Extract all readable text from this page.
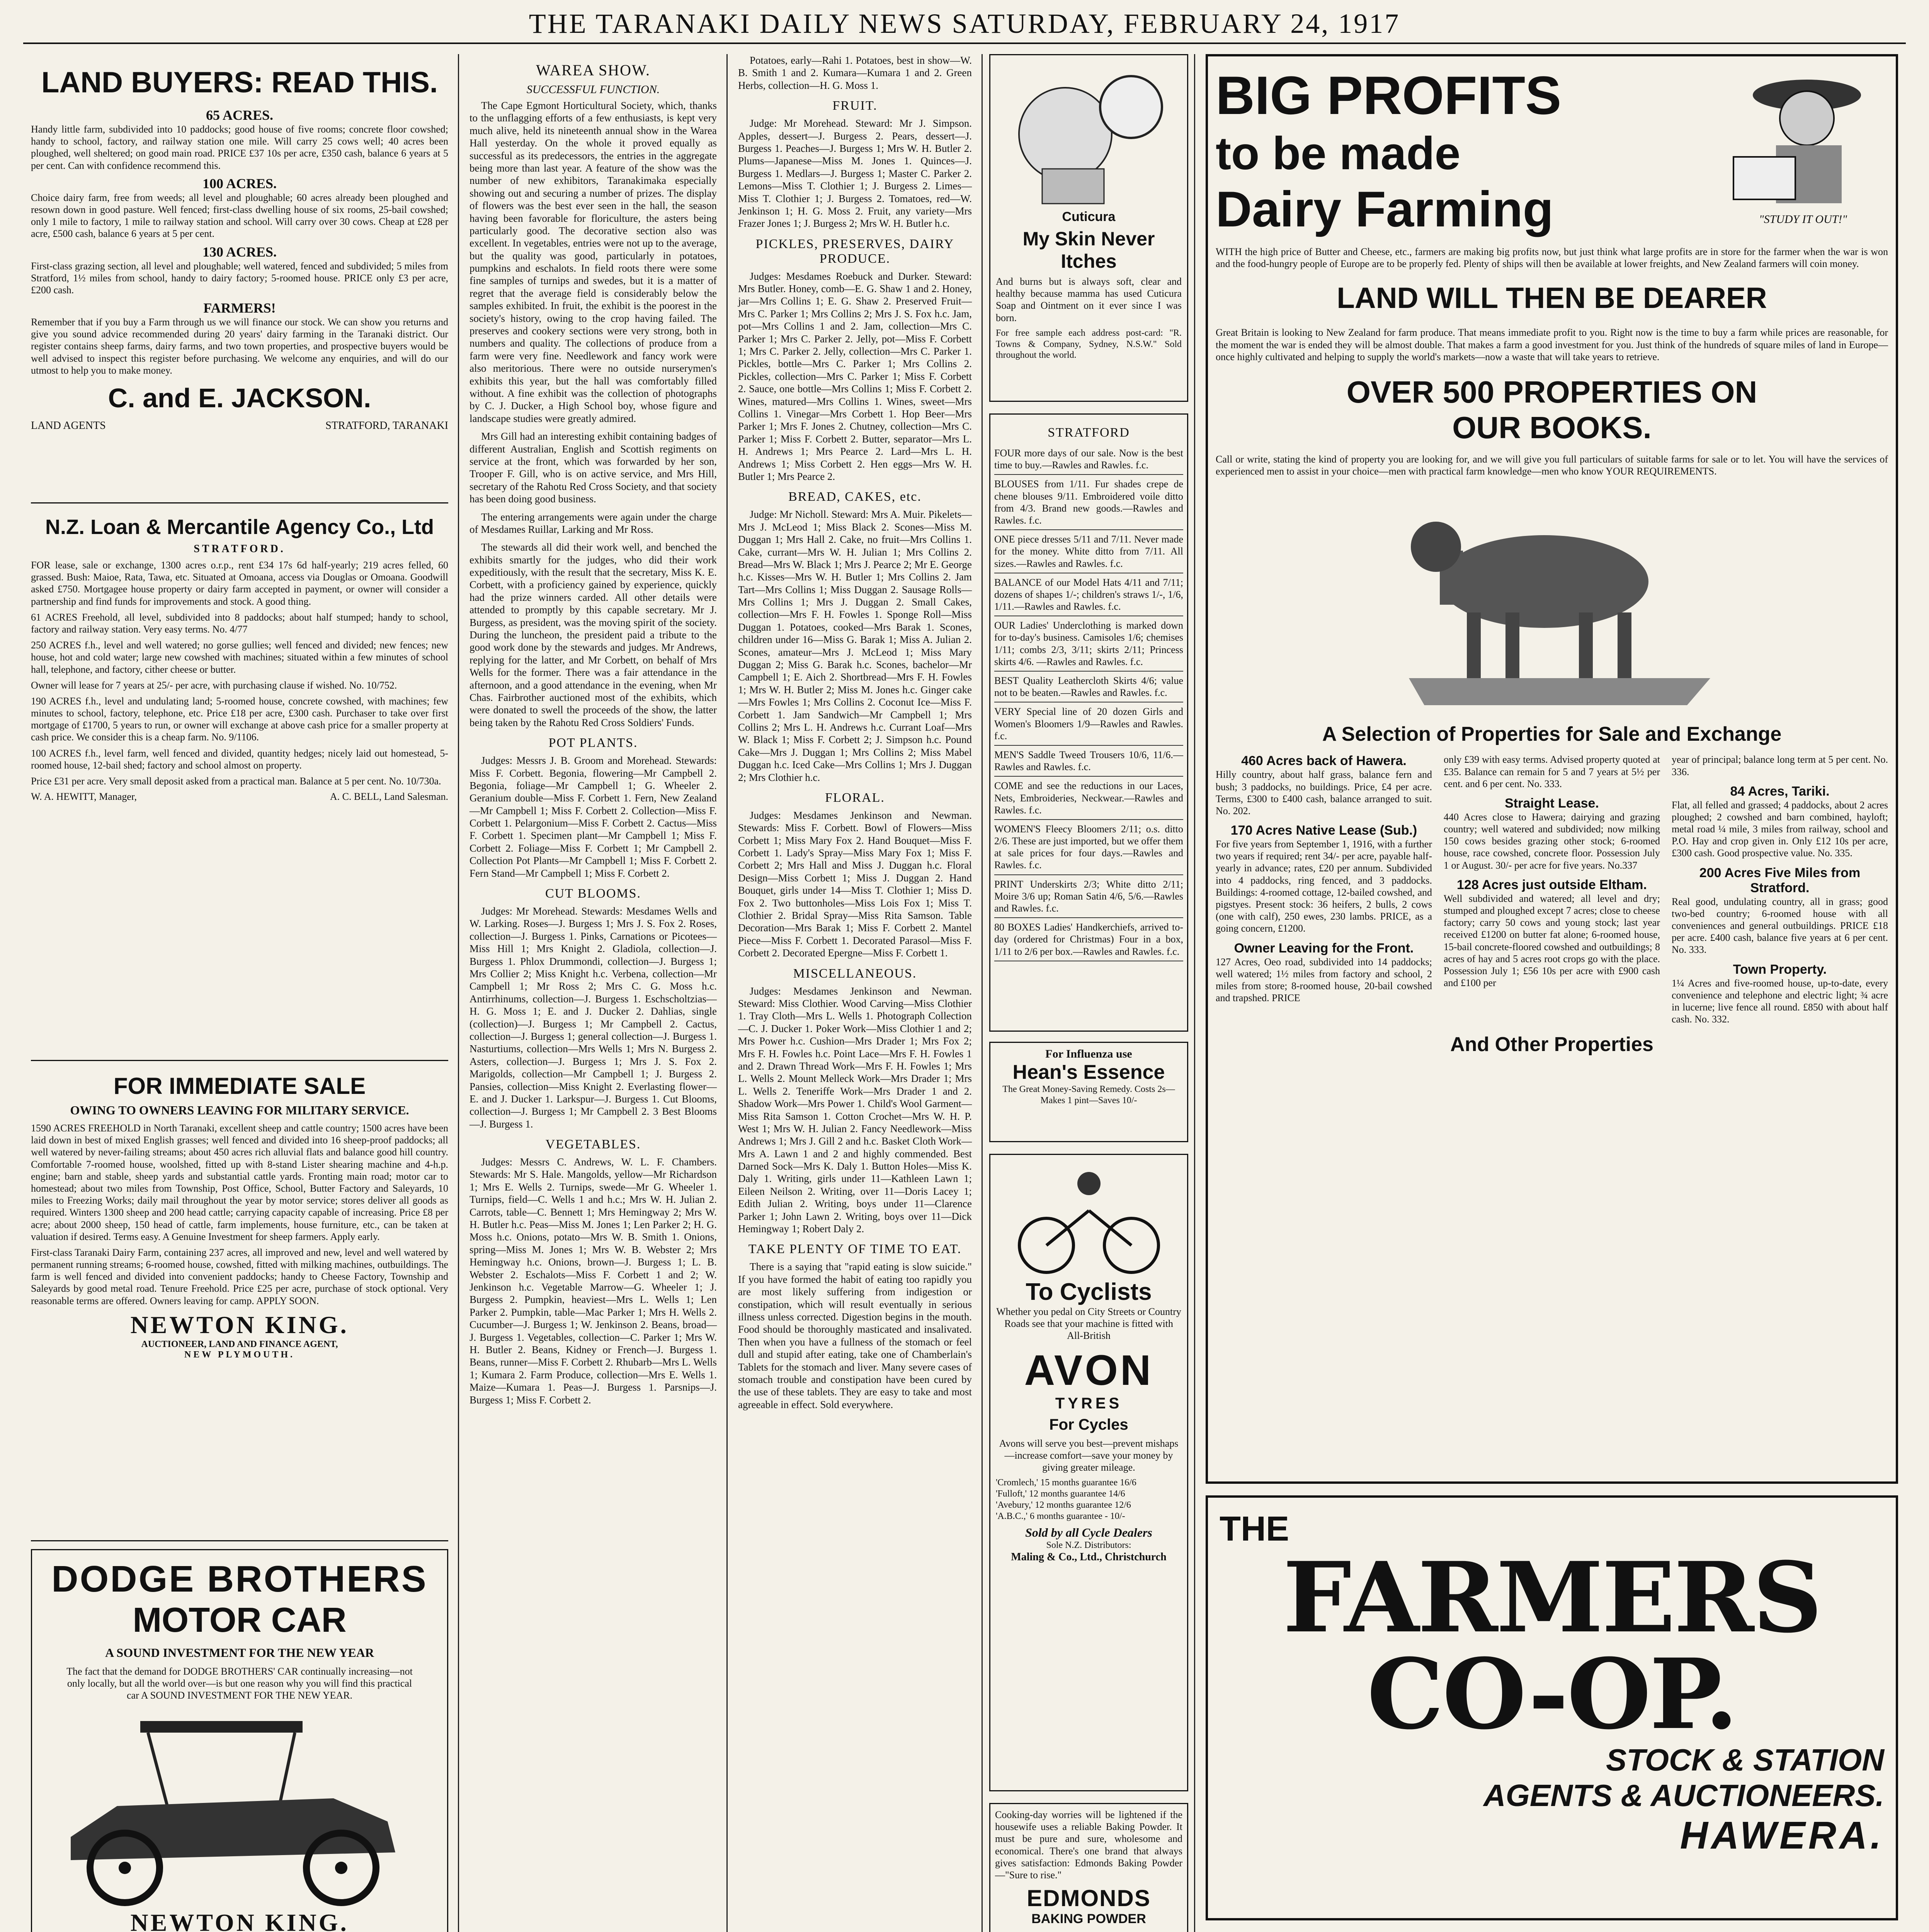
THE TARANAKI DAILY NEWS SATURDAY, FEBRUARY 24, 1917
LAND BUYERS: READ THIS.
65 ACRES.

Handy little farm, subdivided into 10 paddocks; good house of five rooms; concrete floor cowshed; handy to school, factory, and railway station one mile. Will carry 25 cows well; 40 acres been ploughed, well sheltered; on good main road. PRICE £37 10s per acre, £350 cash, balance 6 years at 5 per cent. Can with confidence recommend this.

100 ACRES.

Choice dairy farm, free from weeds; all level and ploughable; 60 acres already been ploughed and resown down in good pasture. Well fenced; first-class dwelling house of six rooms, 25-bail cowshed; only 1 mile to factory, 1 mile to railway station and school. Will carry over 30 cows. Cheap at £28 per acre, £500 cash, balance 6 years at 5 per cent.

130 ACRES.

First-class grazing section, all level and ploughable; well watered, fenced and subdivided; 5 miles from Stratford, 1½ miles from school, handy to dairy factory; 5-roomed house. PRICE only £3 per acre, £200 cash.

FARMERS!

Remember that if you buy a Farm through us we will finance our stock. We can show you returns and give you sound advice recommended during 20 years' dairy farming in the Taranaki district. Our register contains sheep farms, dairy farms, and two town properties, and prospective buyers would be well advised to inspect this register before purchasing. We welcome any enquiries, and will do our utmost to help you to make money.

C. and E. JACKSON.
LAND AGENTS	STRATFORD, TARANAKI
N.Z. Loan & Mercantile Agency Co., Ltd
STRATFORD.

FOR lease, sale or exchange, 1300 acres o.r.p., rent £34 17s 6d half-yearly; 219 acres felled, 60 grassed. Bush: Maioe, Rata, Tawa, etc. Situated at Omoana, access via Douglas or Omoana. Goodwill asked £750. Mortgagee house property or dairy farm accepted in payment, or owner will consider a partnership and find funds for improvements and stock. A good thing.

61 ACRES Freehold, all level, subdivided into 8 paddocks; about half stumped; handy to school, factory and railway station. Very easy terms. No. 4/77

250 ACRES f.h., level and well watered; no gorse gullies; well fenced and divided; new fences; new house, hot and cold water; large new cowshed with machines; situated within a few minutes of school hall, telephone, and factory, cither cheese or butter.

Owner will lease for 7 years at 25/- per acre, with purchasing clause if wished. No. 10/752.

190 ACRES f.h., level and undulating land; 5-roomed house, concrete cowshed, with machines; few minutes to school, factory, telephone, etc. Price £18 per acre, £300 cash. Purchaser to take over first mortgage of £1700, 5 years to run, or owner will exchange at above cash price for a smaller property at cash price. We consider this is a cheap farm. No. 9/1106.

100 ACRES f.h., level farm, well fenced and divided, quantity hedges; nicely laid out homestead, 5-roomed house, 12-bail shed; factory and school almost on property.

Price £31 per acre. Very small deposit asked from a practical man. Balance at 5 per cent. No. 10/730a.

W. A. HEWITT, Manager,	A. C. BELL, Land Salesman.
FOR IMMEDIATE SALE
OWING TO OWNERS LEAVING FOR MILITARY SERVICE.

1590 ACRES FREEHOLD in North Taranaki, excellent sheep and cattle country; 1500 acres have been laid down in best of mixed English grasses; well fenced and divided into 16 sheep-proof paddocks; all well watered by never-failing streams; about 450 acres rich alluvial flats and balance good hill country. Comfortable 7-roomed house, woolshed, fitted up with 8-stand Lister shearing machine and 4-h.p. engine; barn and stable, sheep yards and substantial cattle yards. Fronting main road; motor car to homestead; about two miles from Township, Post Office, School, Butter Factory and Saleyards, 10 miles to Freezing Works; daily mail throughout the year by motor service; stores deliver all goods as required. Winters 1300 sheep and 200 head cattle; carrying capacity capable of increasing. Price £8 per acre; about 2000 sheep, 150 head of cattle, farm implements, house furniture, etc., can be taken at valuation if desired. Terms easy. A Genuine Investment for sheep farmers. Apply early.

First-class Taranaki Dairy Farm, containing 237 acres, all improved and new, level and well watered by permanent running streams; 6-roomed house, cowshed, fitted with milking machines, outbuildings. The farm is well fenced and divided into convenient paddocks; handy to Cheese Factory, Township and Saleyards by good metal road. Tenure Freehold. Price £25 per acre, purchase of stock optional. Very reasonable terms are offered. Owners leaving for camp. APPLY SOON.

NEWTON KING.
AUCTIONEER, LAND AND FINANCE AGENT,
NEW PLYMOUTH.
DODGE BROTHERS
MOTOR CAR
A SOUND INVESTMENT FOR THE NEW YEAR

The fact that the demand for DODGE BROTHERS' CAR continually increasing—not only locally, but all the world over—is but one reason why you will find this practical car A SOUND INVESTMENT FOR THE NEW YEAR.

NEWTON KING.

WAREA SHOW.
SUCCESSFUL FUNCTION.

The Cape Egmont Horticultural Society, which, thanks to the unflagging efforts of a few enthusiasts, is kept very much alive, held its nineteenth annual show in the Warea Hall yesterday. On the whole it proved equally as successful as its predecessors, the entries in the aggregate being more than last year. A feature of the show was the number of new exhibitors, Taranakimaka especially showing out and securing a number of prizes. The display of flowers was the best ever seen in the hall, the season having been favorable for floriculture, the asters being particularly good. The decorative section also was excellent. In vegetables, entries were not up to the average, but the quality was good, particularly in potatoes, pumpkins and eschalots. In field roots there were some fine samples of turnips and swedes, but it is a matter of regret that the average field is considerably below the samples exhibited. In fruit, the exhibit is the poorest in the society's history, owing to the crop having failed. The preserves and cookery sections were very strong, both in numbers and quality. The collections of produce from a farm were very fine. Needlework and fancy work were also meritorious. There were no outside nurserymen's exhibits this year, but the hall was comfortably filled without. A fine exhibit was the collection of photographs by C. J. Ducker, a High School boy, whose figure and landscape studies were greatly admired.

Mrs Gill had an interesting exhibit containing badges of different Australian, English and Scottish regiments on service at the front, which was forwarded by her son, Trooper F. Gill, who is on active service, and Mrs Hill, secretary of the Rahotu Red Cross Society, and that society has been doing good business.

The entering arrangements were again under the charge of Mesdames Ruillar, Larking and Mr Ross.

The stewards all did their work well, and benched the exhibits smartly for the judges, who did their work expeditiously, with the result that the secretary, Miss K. E. Corbett, with a proficiency gained by experience, quickly had the prize winners carded. All other details were attended to promptly by this capable secretary. Mr J. Burgess, as president, was the moving spirit of the society. During the luncheon, the president paid a tribute to the good work done by the stewards and judges. Mr Andrews, replying for the latter, and Mr Corbett, on behalf of Mrs Wells for the former. There was a fair attendance in the afternoon, and a good attendance in the evening, when Mr Chas. Fairbrother auctioned most of the exhibits, which were donated to swell the proceeds of the show, the latter being taken by the Rahotu Red Cross Soldiers' Funds.

POT PLANTS.

Judges: Messrs J. B. Groom and Morehead. Stewards: Miss F. Corbett. Begonia, flowering—Mr Campbell 2. Begonia, foliage—Mr Campbell 1; G. Wheeler 2. Geranium double—Miss F. Corbett 1. Fern, New Zealand—Mr Campbell 1; Miss F. Corbett 2. Collection—Miss F. Corbett 1. Pelargonium—Miss F. Corbett 2. Cactus—Miss F. Corbett 1. Specimen plant—Mr Campbell 1; Miss F. Corbett 2. Foliage—Miss F. Corbett 1; Mr Campbell 2. Collection Pot Plants—Mr Campbell 1; Miss F. Corbett 2. Fern Stand—Mr Campbell 1; Miss F. Corbett 2.

CUT BLOOMS.

Judges: Mr Morehead. Stewards: Mesdames Wells and W. Larking. Roses—J. Burgess 1; Mrs J. S. Fox 2. Roses, collection—J. Burgess 1. Pinks, Carnations or Picotees—Miss Hill 1; Mrs Knight 2. Gladiola, collection—J. Burgess 1. Phlox Drummondi, collection—J. Burgess 1; Mrs Collier 2; Miss Knight h.c. Verbena, collection—Mr Campbell 1; Mr Ross 2; Mrs C. G. Moss h.c. Antirrhinums, collection—J. Burgess 1. Eschscholtzias—H. G. Moss 1; E. and J. Ducker 2. Dahlias, single (collection)—J. Burgess 1; Mr Campbell 2. Cactus, collection—J. Burgess 1; general collection—J. Burgess 1. Nasturtiums, collection—Mrs Wells 1; Mrs N. Burgess 2. Asters, collection—J. Burgess 1; Mrs J. S. Fox 2. Marigolds, collection—Mr Campbell 1; J. Burgess 2. Pansies, collection—Miss Knight 2. Everlasting flower—E. and J. Ducker 1. Larkspur—J. Burgess 1. Cut Blooms, collection—J. Burgess 1; Mr Campbell 2. 3 Best Blooms—J. Burgess 1.

VEGETABLES.

Judges: Messrs C. Andrews, W. L. F. Chambers. Stewards: Mr S. Hale. Mangolds, yellow—Mr Richardson 1; Mrs E. Wells 2. Turnips, swede—Mr G. Wheeler 1. Turnips, field—C. Wells 1 and h.c.; Mrs W. H. Julian 2. Carrots, table—C. Bennett 1; Mrs Hemingway 2; Mrs W. H. Butler h.c. Peas—Miss M. Jones 1; Len Parker 2; H. G. Moss h.c. Onions, potato—Mrs W. B. Smith 1. Onions, spring—Miss M. Jones 1; Mrs W. B. Webster 2; Mrs Hemingway h.c. Onions, brown—J. Burgess 1; L. B. Webster 2. Eschalots—Miss F. Corbett 1 and 2; W. Jenkinson h.c. Vegetable Marrow—G. Wheeler 1; J. Burgess 2. Pumpkin, heaviest—Mrs L. Wells 1; Len Parker 2. Pumpkin, table—Mac Parker 1; Mrs H. Wells 2. Cucumber—J. Burgess 1; W. Jenkinson 2. Beans, broad—J. Burgess 1. Vegetables, collection—C. Parker 1; Mrs W. H. Butler 2. Beans, Kidney or French—J. Burgess 1. Beans, runner—Miss F. Corbett 2. Rhubarb—Mrs L. Wells 1; Kumara 2. Farm Produce, collection—Mrs E. Wells 1. Maize—Kumara 1. Peas—J. Burgess 1. Parsnips—J. Burgess 1; Miss F. Corbett 2.

Potatoes, early—Rahi 1. Potatoes, best in show—W. B. Smith 1 and 2. Kumara—Kumara 1 and 2. Green Herbs, collection—H. G. Moss 1.

FRUIT.

Judge: Mr Morehead. Steward: Mr J. Simpson. Apples, dessert—J. Burgess 2. Pears, dessert—J. Burgess 1. Peaches—J. Burgess 1; Mrs W. H. Butler 2. Plums—Japanese—Miss M. Jones 1. Quinces—J. Burgess 1. Medlars—J. Burgess 1; Master C. Parker 2. Lemons—Miss T. Clothier 1; J. Burgess 2. Limes—Miss T. Clothier 1; J. Burgess 2. Tomatoes, red—W. Jenkinson 1; H. G. Moss 2. Fruit, any variety—Mrs Frazer Jones 1; J. Burgess 2; Mrs W. H. Butler h.c.

PICKLES, PRESERVES, DAIRY PRODUCE.

Judges: Mesdames Roebuck and Durker. Steward: Mrs Butler. Honey, comb—E. G. Shaw 1 and 2. Honey, jar—Mrs Collins 1; E. G. Shaw 2. Preserved Fruit—Mrs C. Parker 1; Mrs Collins 2; Mrs J. S. Fox h.c. Jam, pot—Mrs Collins 1 and 2. Jam, collection—Mrs C. Parker 1; Mrs C. Parker 2. Jelly, pot—Miss F. Corbett 1; Mrs C. Parker 2. Jelly, collection—Mrs C. Parker 1. Pickles, bottle—Mrs C. Parker 1; Mrs Collins 2. Pickles, collection—Mrs C. Parker 1; Miss F. Corbett 2. Sauce, one bottle—Mrs Collins 1; Miss F. Corbett 2. Wines, matured—Mrs Collins 1. Wines, sweet—Mrs Collins 1. Vinegar—Mrs Corbett 1. Hop Beer—Mrs Parker 1; Mrs F. Jones 2. Chutney, collection—Mrs C. Parker 1; Miss F. Corbett 2. Butter, separator—Mrs L. H. Andrews 1; Mrs Pearce 2. Lard—Mrs L. H. Andrews 1; Miss Corbett 2. Hen eggs—Mrs W. H. Butler 1; Mrs Pearce 2.

BREAD, CAKES, etc.

Judge: Mr Nicholl. Steward: Mrs A. Muir. Pikelets—Mrs J. McLeod 1; Miss Black 2. Scones—Miss M. Duggan 1; Mrs Hall 2. Cake, no fruit—Mrs Collins 1. Cake, currant—Mrs W. H. Julian 1; Mrs Collins 2. Bread—Mrs W. Black 1; Mrs J. Pearce 2; Mr E. George h.c. Kisses—Mrs W. H. Butler 1; Mrs Collins 2. Jam Tart—Mrs Collins 1; Miss Duggan 2. Sausage Rolls—Mrs Collins 1; Mrs J. Duggan 2. Small Cakes, collection—Mrs F. H. Fowles 1. Sponge Roll—Miss Duggan 1. Potatoes, cooked—Mrs Barak 1. Scones, children under 16—Miss G. Barak 1; Miss A. Julian 2. Scones, amateur—Mrs J. McLeod 1; Miss Mary Duggan 2; Miss G. Barak h.c. Scones, bachelor—Mr Campbell 1; E. Aich 2. Shortbread—Mrs F. H. Fowles 1; Mrs W. H. Butler 2; Miss M. Jones h.c. Ginger cake—Mrs Fowles 1; Mrs Collins 2. Coconut Ice—Miss F. Corbett 1. Jam Sandwich—Mr Campbell 1; Mrs Collins 2; Mrs L. H. Andrews h.c. Currant Loaf—Mrs W. Black 1; Miss F. Corbett 2; J. Simpson h.c. Pound Cake—Mrs J. Duggan 1; Mrs Collins 2; Miss Mabel Duggan h.c. Iced Cake—Mrs Collins 1; Mrs J. Duggan 2; Mrs Clothier h.c.

FLORAL.

Judges: Mesdames Jenkinson and Newman. Stewards: Miss F. Corbett. Bowl of Flowers—Miss Corbett 1; Miss Mary Fox 2. Hand Bouquet—Miss F. Corbett 1. Lady's Spray—Miss Mary Fox 1; Miss F. Corbett 2; Mrs Hall and Miss J. Duggan h.c. Floral Design—Miss Corbett 1; Miss J. Duggan 2. Hand Bouquet, girls under 14—Miss T. Clothier 1; Miss D. Fox 2. Two buttonholes—Miss Lois Fox 1; Miss T. Clothier 2. Bridal Spray—Miss Rita Samson. Table Decoration—Mrs Barak 1; Miss F. Corbett 2. Mantel Piece—Miss F. Corbett 1. Decorated Parasol—Miss F. Corbett 2. Decorated Epergne—Miss F. Corbett 1.

MISCELLANEOUS.

Judges: Mesdames Jenkinson and Newman. Steward: Miss Clothier. Wood Carving—Miss Clothier 1. Tray Cloth—Mrs L. Wells 1. Photograph Collection—C. J. Ducker 1. Poker Work—Miss Clothier 1 and 2; Mrs Power h.c. Cushion—Mrs Drader 1; Mrs Fox 2; Mrs F. H. Fowles h.c. Point Lace—Mrs F. H. Fowles 1 and 2. Drawn Thread Work—Mrs F. H. Fowles 1; Mrs L. Wells 2. Mount Melleck Work—Mrs Drader 1; Mrs L. Wells 2. Teneriffe Work—Mrs Drader 1 and 2. Shadow Work—Mrs Power 1. Child's Wool Garment—Miss Rita Samson 1. Cotton Crochet—Mrs W. H. P. West 1; Mrs W. H. Julian 2. Fancy Needlework—Miss Andrews 1; Mrs J. Gill 2 and h.c. Basket Cloth Work—Mrs A. Lawn 1 and 2 and highly commended. Best Darned Sock—Mrs K. Daly 1. Button Holes—Miss K. Daly 1. Writing, girls under 11—Kathleen Lawn 1; Eileen Neilson 2. Writing, over 11—Doris Lacey 1; Edith Julian 2. Writing, boys under 11—Clarence Parker 1; John Lawn 2. Writing, boys over 11—Dick Hemingway 1; Robert Daly 2.

TAKE PLENTY OF TIME TO EAT.

There is a saying that "rapid eating is slow suicide." If you have formed the habit of eating too rapidly you are most likely suffering from indigestion or constipation, which will result eventually in serious illness unless corrected. Digestion begins in the mouth. Food should be thoroughly masticated and insalivated. Then when you have a fullness of the stomach or feel dull and stupid after eating, take one of Chamberlain's Tablets for the stomach and liver. Many severe cases of stomach trouble and constipation have been cured by the use of these tablets. They are easy to take and most agreeable in effect. Sold everywhere.

Cuticura
My Skin Never Itches

And burns but is always soft, clear and healthy because mamma has used Cuticura Soap and Ointment on it ever since I was born.

For free sample each address post-card: "R. Towns & Company, Sydney, N.S.W." Sold throughout the world.

STRATFORD
FOUR more days of our sale. Now is the best time to buy.—Rawles and Rawles. f.c.
BLOUSES from 1/11. Fur shades crepe de chene blouses 9/11. Embroidered voile ditto from 4/3. Brand new goods.—Rawles and Rawles. f.c.
ONE piece dresses 5/11 and 7/11. Never made for the money. White ditto from 7/11. All sizes.—Rawles and Rawles. f.c.
BALANCE of our Model Hats 4/11 and 7/11; dozens of shapes 1/-; children's straws 1/-, 1/6, 1/11.—Rawles and Rawles. f.c.
OUR Ladies' Underclothing is marked down for to-day's business. Camisoles 1/6; chemises 1/11; combs 2/3, 3/11; skirts 2/11; Princess skirts 4/6. —Rawles and Rawles. f.c.
BEST Quality Leathercloth Skirts 4/6; value not to be beaten.—Rawles and Rawles. f.c.
VERY Special line of 20 dozen Girls and Women's Bloomers 1/9—Rawles and Rawles. f.c.
MEN'S Saddle Tweed Trousers 10/6, 11/6.—Rawles and Rawles. f.c.
COME and see the reductions in our Laces, Nets, Embroideries, Neckwear.—Rawles and Rawles. f.c.
WOMEN'S Fleecy Bloomers 2/11; o.s. ditto 2/6. These are just imported, but we offer them at sale prices for four days.—Rawles and Rawles. f.c.
PRINT Underskirts 2/3; White ditto 2/11; Moire 3/6 up; Roman Satin 4/6, 5/6.—Rawles and Rawles. f.c.
80 BOXES Ladies' Handkerchiefs, arrived to-day (ordered for Christmas) Four in a box, 1/11 to 2/6 per box.—Rawles and Rawles. f.c.
For Influenza use
Hean's Essence
The Great Money-Saving Remedy. Costs 2s—Makes 1 pint—Saves 10/-
To Cyclists

Whether you pedal on City Streets or Country Roads see that your machine is fitted with All-British

AVON
TYRES
For Cycles

Avons will serve you best—prevent mishaps—increase comfort—save your money by giving greater mileage.

'Cromlech,' 15 months guarantee 16/6
'Fulloft,' 12 months guarantee 14/6
'Avebury,' 12 months guarantee 12/6
'A.B.C.,' 6 months guarantee - 10/-
Sold by all Cycle Dealers
Sole N.Z. Distributors:
Maling & Co., Ltd., Christchurch

Cooking-day worries will be lightened if the housewife uses a reliable Baking Powder. It must be pure and sure, wholesome and economical. There's one brand that always gives satisfaction: Edmonds Baking Powder—"Sure to rise."

EDMONDS
BAKING POWDER

BIG PROFITS
to be made
Dairy Farming	"STUDY IT OUT!"

WITH the high price of Butter and Cheese, etc., farmers are making big profits now, but just think what large profits are in store for the farmer when the war is won and the food-hungry people of Europe are to be properly fed. Plenty of ships will then be available at lower freights, and New Zealand farmers will coin money.

LAND WILL THEN BE DEARER

Great Britain is looking to New Zealand for farm produce. That means immediate profit to you. Right now is the time to buy a farm while prices are reasonable, for the moment the war is ended they will be almost double. That makes a farm a good investment for you. Just think of the hundreds of square miles of land in Europe—once highly cultivated and helping to supply the world's markets—now a waste that will take years to retrieve.

OVER 500 PROPERTIES ON
OUR BOOKS.

Call or write, stating the kind of property you are looking for, and we will give you full particulars of suitable farms for sale or to let. You will have the services of experienced men to assist in your choice—men with practical farm knowledge—men who know YOUR REQUIREMENTS.

A Selection of Properties for Sale and Exchange
460 Acres back of Hawera.

Hilly country, about half grass, balance fern and bush; 3 paddocks, no buildings. Price, £4 per acre. Terms, £300 to £400 cash, balance arranged to suit. No. 202.

170 Acres Native Lease (Sub.)

For five years from September 1, 1916, with a further two years if required; rent 34/- per acre, payable half-yearly in advance; rates, £20 per annum. Subdivided into 4 paddocks, ring fenced, and 3 paddocks. Buildings: 4-roomed cottage, 12-bailed cowshed, and pigstyes. Present stock: 36 heifers, 2 bulls, 2 cows (one with calf), 250 ewes, 230 lambs. PRICE, as a going concern, £1200.

Owner Leaving for the Front.

127 Acres, Oeo road, subdivided into 14 paddocks; well watered; 1½ miles from factory and school, 2 miles from store; 8-roomed house, 20-bail cowshed and trapshed. PRICE

only £39 with easy terms. Advised property quoted at £35. Balance can remain for 5 and 7 years at 5½ per cent. and 6 per cent. No. 333.

Straight Lease.

440 Acres close to Hawera; dairying and grazing country; well watered and subdivided; now milking 150 cows besides grazing other stock; 6-roomed house, race cowshed, concrete floor. Possession July 1 or August. 30/- per acre for five years. No.337

128 Acres just outside Eltham.

Well subdivided and watered; all level and dry; stumped and ploughed except 7 acres; close to cheese factory; carry 50 cows and young stock; last year received £1200 on butter fat alone; 6-roomed house, 15-bail concrete-floored cowshed and outbuildings; 8 acres of hay and 5 acres root crops go with the place. Possession July 1; £56 10s per acre with £900 cash and £100 per

year of principal; balance long term at 5 per cent. No. 336.

84 Acres, Tariki.

Flat, all felled and grassed; 4 paddocks, about 2 acres ploughed; 2 cowshed and barn combined, hayloft; metal road ¼ mile, 3 miles from railway, school and P.O. Hay and crop given in. Only £12 10s per acre, £300 cash. Good prospective value. No. 335.

200 Acres Five Miles from Stratford.

Real good, undulating country, all in grass; good two-bed country; 6-roomed house with all conveniences and general outbuildings. PRICE £18 per acre. £400 cash, balance five years at 6 per cent. No. 333.

Town Property.

1¼ Acres and five-roomed house, up-to-date, every convenience and telephone and electric light; ¾ acre in lucerne; live fence all round. £850 with about half cash. No. 332.

And Other Properties
THE
FARMERS CO-OP.
STOCK & STATION
AGENTS & AUCTIONEERS.
HAWERA.
